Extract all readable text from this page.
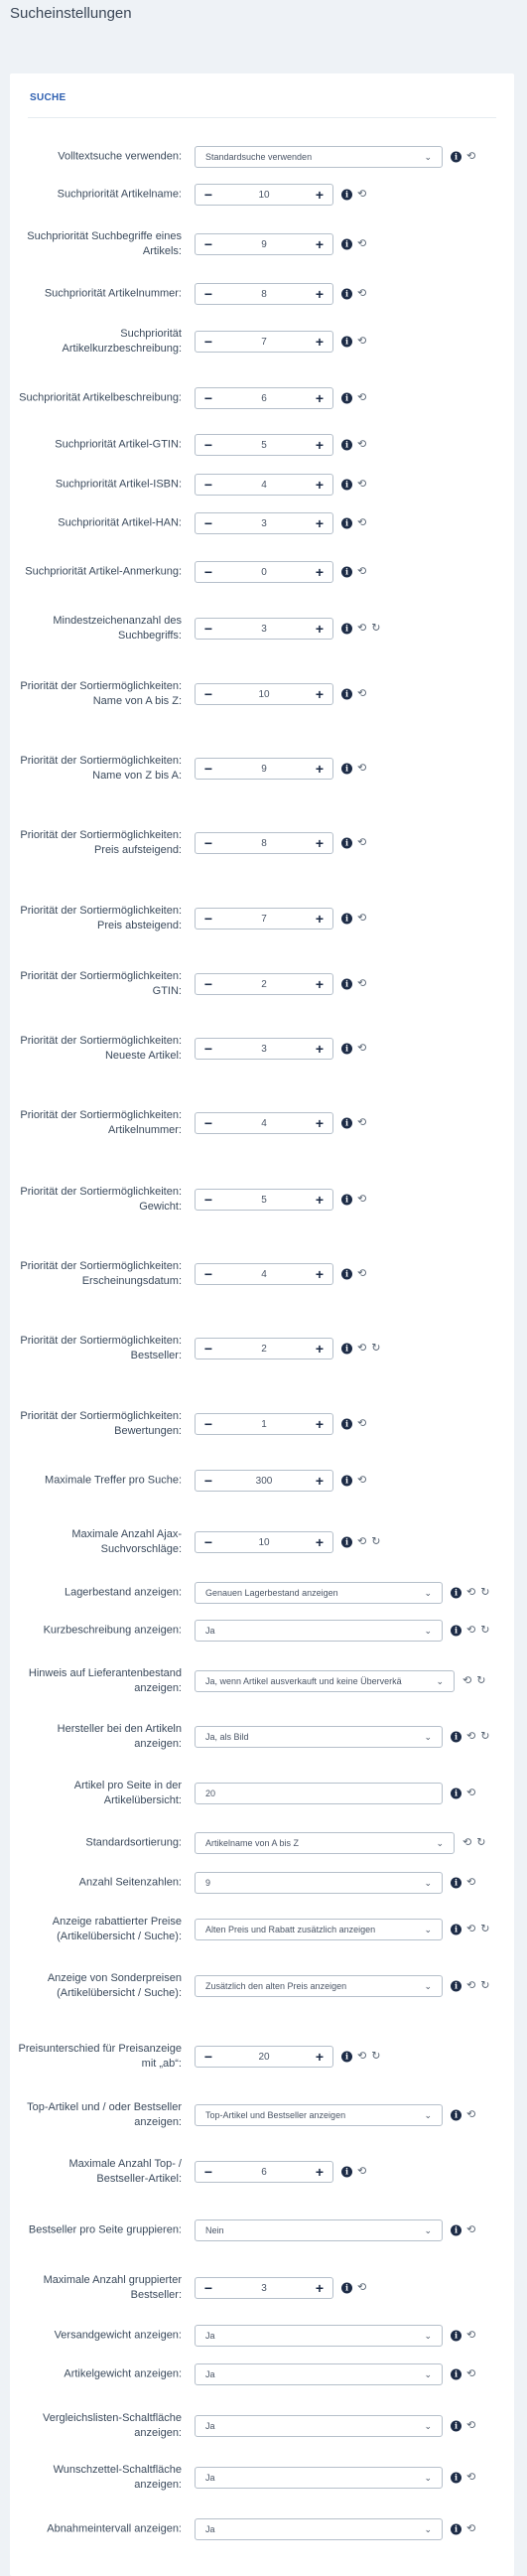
Sucheinstellungen
SUCHE
Volltextsuche verwenden:	Standardsuche verwenden	⌄	i ⟲
Suchpriorität Artikelname:	−	10	+	i ⟲
Suchpriorität Suchbegriffe eines Artikels:	−	9	+	i ⟲
Suchpriorität Artikelnummer:	−	8	+	i ⟲
Suchpriorität Artikelkurzbeschreibung:	−	7	+	i ⟲
Suchpriorität Artikelbeschreibung:	−	6	+	i ⟲
Suchpriorität Artikel-GTIN:	−	5	+	i ⟲
Suchpriorität Artikel-ISBN:	−	4	+	i ⟲
Suchpriorität Artikel-HAN:	−	3	+	i ⟲
Suchpriorität Artikel-Anmerkung:	−	0	+	i ⟲
Mindestzeichenanzahl des Suchbegriffs:	−	3	+	i ⟲ ↻
Priorität der Sortiermöglichkeiten: Name von A bis Z:	−	10	+	i ⟲
Priorität der Sortiermöglichkeiten: Name von Z bis A:	−	9	+	i ⟲
Priorität der Sortiermöglichkeiten: Preis aufsteigend:	−	8	+	i ⟲
Priorität der Sortiermöglichkeiten: Preis absteigend:	−	7	+	i ⟲
Priorität der Sortiermöglichkeiten: GTIN:	−	2	+	i ⟲
Priorität der Sortiermöglichkeiten: Neueste Artikel:	−	3	+	i ⟲
Priorität der Sortiermöglichkeiten: Artikelnummer:	−	4	+	i ⟲
Priorität der Sortiermöglichkeiten: Gewicht:	−	5	+	i ⟲
Priorität der Sortiermöglichkeiten: Erscheinungsdatum:	−	4	+	i ⟲
Priorität der Sortiermöglichkeiten: Bestseller:	−	2	+	i ⟲ ↻
Priorität der Sortiermöglichkeiten: Bewertungen:	−	1	+	i ⟲
Maximale Treffer pro Suche:	−	300	+	i ⟲
Maximale Anzahl Ajax-Suchvorschläge:	−	10	+	i ⟲ ↻
Lagerbestand anzeigen:	Genauen Lagerbestand anzeigen	⌄	i ⟲ ↻
Kurzbeschreibung anzeigen:	Ja	⌄	i ⟲ ↻
Hinweis auf Lieferantenbestand anzeigen:
Ja, wenn Artikel ausverkauft und keine Überverkä	⌄ ⟲ ↻
Hersteller bei den Artikeln anzeigen:
Ja, als Bild	⌄	i ⟲ ↻
Artikel pro Seite in der Artikelübersicht:
20	i ⟲
Standardsortierung:	Artikelname von A bis Z	⌄ ⟲ ↻
Anzahl Seitenzahlen:	9	⌄	i ⟲
Anzeige rabattierter Preise (Artikelübersicht / Suche):
Alten Preis und Rabatt zusätzlich anzeigen	⌄	i ⟲ ↻
Anzeige von Sonderpreisen (Artikelübersicht / Suche):
Zusätzlich den alten Preis anzeigen	⌄	i ⟲ ↻
Preisunterschied für Preisanzeige mit „ab“:	−	20	+	i ⟲ ↻
Top-Artikel und / oder Bestseller anzeigen:
Top-Artikel und Bestseller anzeigen	⌄	i ⟲
Maximale Anzahl Top- / Bestseller-Artikel:	−	6	+	i ⟲
Bestseller pro Seite gruppieren:	Nein	⌄	i ⟲
Maximale Anzahl gruppierter Bestseller:	−	3	+	i ⟲
Versandgewicht anzeigen:	Ja	⌄	i ⟲
Artikelgewicht anzeigen:	Ja	⌄	i ⟲
Vergleichslisten-Schaltfläche anzeigen:
Ja	⌄	i ⟲
Wunschzettel-Schaltfläche anzeigen:
Ja	⌄	i ⟲
Abnahmeintervall anzeigen:	Ja	⌄	i ⟲
